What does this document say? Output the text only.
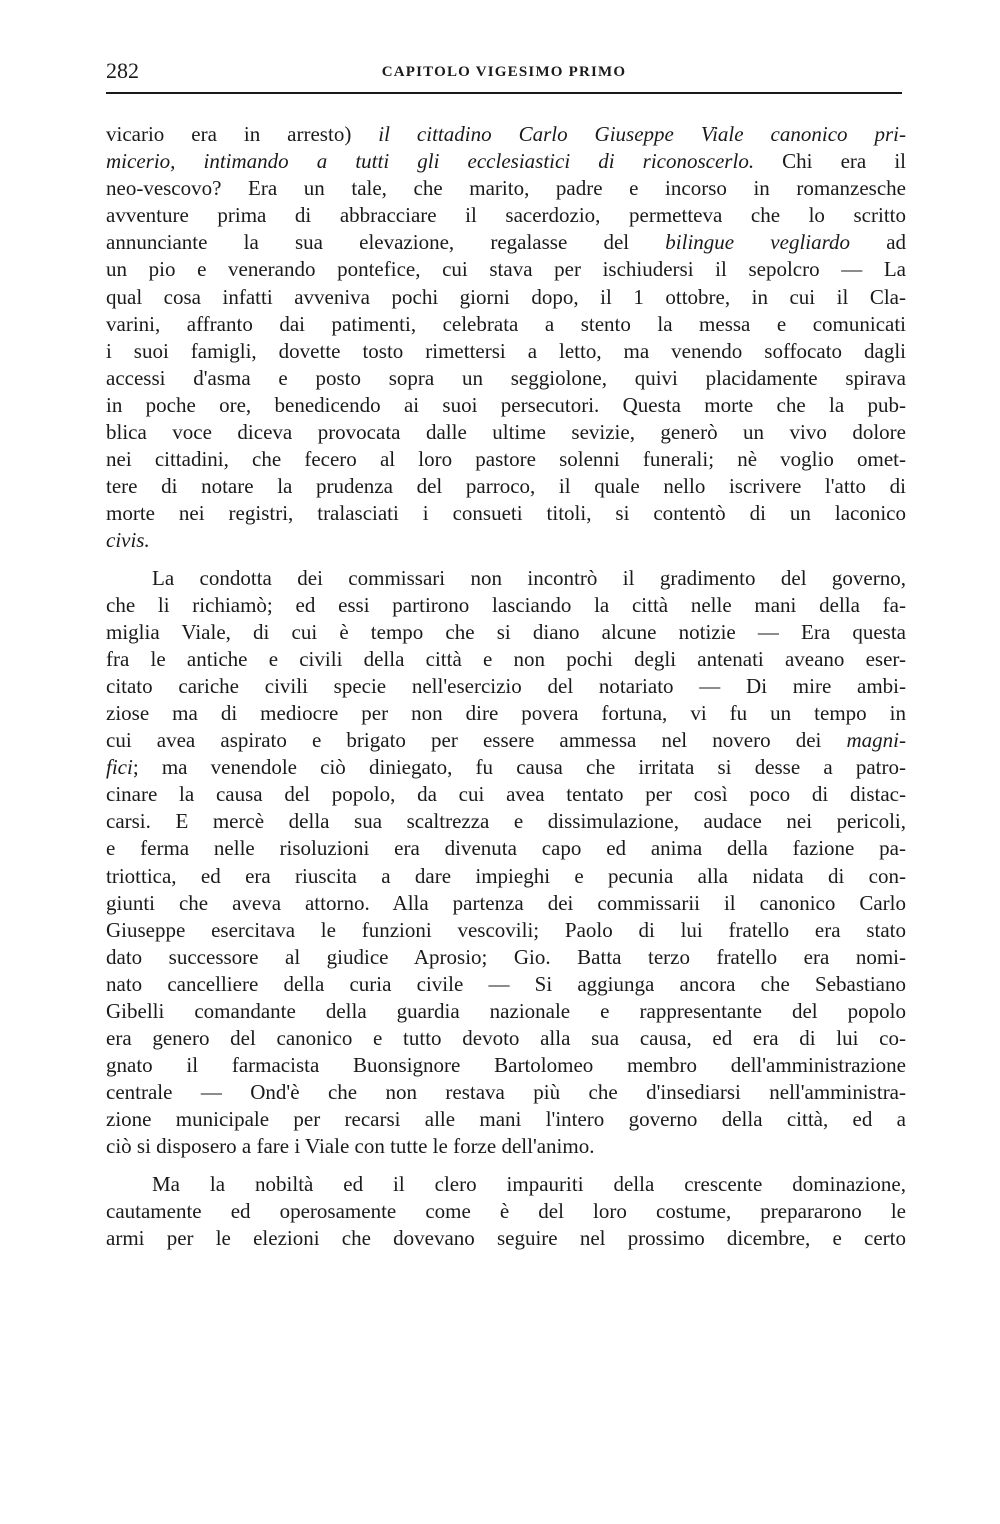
282	CAPITOLO VIGESIMO PRIMO
vicario era in arresto) il cittadino Carlo Giuseppe Viale canonico pri-
micerio, intimando a tutti gli ecclesiastici di riconoscerlo. Chi era il
neo-vescovo? Era un tale, che marito, padre e incorso in romanzesche
avventure prima di abbracciare il sacerdozio, permetteva che lo scritto
annunciante la sua elevazione, regalasse del bilingue vegliardo ad
un pio e venerando pontefice, cui stava per ischiudersi il sepolcro — La
qual cosa infatti avveniva pochi giorni dopo, il 1 ottobre, in cui il Cla-
varini, affranto dai patimenti, celebrata a stento la messa e comunicati
i suoi famigli, dovette tosto rimettersi a letto, ma venendo soffocato dagli
accessi d'asma e posto sopra un seggiolone, quivi placidamente spirava
in poche ore, benedicendo ai suoi persecutori. Questa morte che la pub-
blica voce diceva provocata dalle ultime sevizie, generò un vivo dolore
nei cittadini, che fecero al loro pastore solenni funerali; nè voglio omet-
tere di notare la prudenza del parroco, il quale nello iscrivere l'atto di
morte nei registri, tralasciati i consueti titoli, si contentò di un laconico
civis.
La condotta dei commissari non incontrò il gradimento del governo,
che li richiamò; ed essi partirono lasciando la città nelle mani della fa-
miglia Viale, di cui è tempo che si diano alcune notizie — Era questa
fra le antiche e civili della città e non pochi degli antenati aveano eser-
citato cariche civili specie nell'esercizio del notariato — Di mire ambi-
ziose ma di mediocre per non dire povera fortuna, vi fu un tempo in
cui avea aspirato e brigato per essere ammessa nel novero dei magni-
fici; ma venendole ciò diniegato, fu causa che irritata si desse a patro-
cinare la causa del popolo, da cui avea tentato per così poco di distac-
carsi. E mercè della sua scaltrezza e dissimulazione, audace nei pericoli,
e ferma nelle risoluzioni era divenuta capo ed anima della fazione pa-
triottica, ed era riuscita a dare impieghi e pecunia alla nidata di con-
giunti che aveva attorno. Alla partenza dei commissarii il canonico Carlo
Giuseppe esercitava le funzioni vescovili; Paolo di lui fratello era stato
dato successore al giudice Aprosio; Gio. Batta terzo fratello era nomi-
nato cancelliere della curia civile — Si aggiunga ancora che Sebastiano
Gibelli comandante della guardia nazionale e rappresentante del popolo
era genero del canonico e tutto devoto alla sua causa, ed era di lui co-
gnato il farmacista Buonsignore Bartolomeo membro dell'amministrazione
centrale — Ond'è che non restava più che d'insediarsi nell'amministra-
zione municipale per recarsi alle mani l'intero governo della città, ed a
ciò si disposero a fare i Viale con tutte le forze dell'animo.
Ma la nobiltà ed il clero impauriti della crescente dominazione,
cautamente ed operosamente come è del loro costume, prepararono le
armi per le elezioni che dovevano seguire nel prossimo dicembre, e certo
